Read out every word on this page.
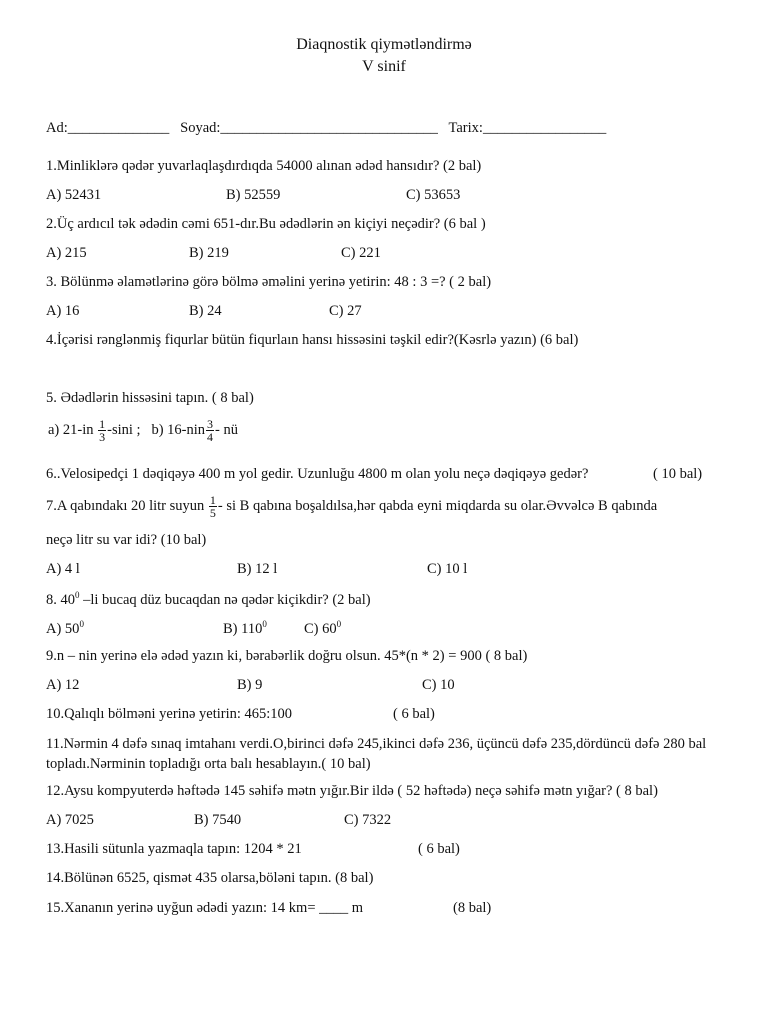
Diaqnostik qiymətləndirmə
V sinif
Ad:______________ Soyad:______________________________ Tarix:_________________
1.Minliklərə qədər yuvarlaqlaşdırdıqda 54000 alınan ədəd hansıdır? (2 bal)
A) 52431	B) 52559	C) 53653
2.Üç ardıcıl tək ədədin cəmi 651-dır.Bu ədədlərin ən kiçiyi neçədir? (6 bal )
A) 215	B) 219	C) 221
3. Bölünmə əlamətlərinə görə bölmə əməlini yerinə yetirin: 48 : 3 =? ( 2 bal)
A) 16	B) 24	C) 27
4.İçərisi rənglənmiş fiqurlar bütün fiqurlaın hansı hissəsini təşkil edir?(Kəsrlə yazın) (6 bal)
5. Ədədlərin hissəsini tapın. ( 8 bal)
a) $21-in \frac{1}{3} -\sin i$ ; b) $16-nin \frac{3}{4}$ - nü
6..Velosipedçi 1 dəqiqəyə 400 m yol gedir. Uzunluğu 4800 m olan yolu neçə dəqiqəyə gedər?	( 10 bal)
7.A qabındakı 20 litr suyun $\frac{1}{5}$ - si B qabına boşaldılsa,hər qabda eyni miqdarda su olar.Əvvəlcə B qabında
neçə litr su var idi? (10 bal)
A) 4 l	B) 12 l	C) 10 l
8. $40^0$ –li bucaq düz bucaqdan nə qədər kiçikdir? (2 bal)
A) $50^0$	B) $110^0$	C) $60^0$
9.n – nin yerinə elə ədəd yazın ki, bərabərlik doğru olsun. 45*(n * 2) = 900 ( 8 bal)
A) 12	B) 9	C) 10
10.Qalıqlı bölməni yerinə yetirin: 465:100	( 6 bal)
11.Nərmin 4 dəfə sınaq imtahanı verdi.O,birinci dəfə 245,ikinci dəfə 236, üçüncü dəfə 235,dördüncü dəfə 280 bal topladı.Nərminin topladığı orta balı hesablayın.( 10 bal)
12.Aysu kompyuterdə həftədə 145 səhifə mətn yığır.Bir ildə ( 52 həftədə) neçə səhifə mətn yığar? ( 8 bal)
A) 7025	B) 7540	C) 7322
13.Hasili sütunla yazmaqla tapın: 1204 * 21	( 6 bal)
14.Bölünən 6525, qismət 435 olarsa,böləni tapın. (8 bal)
15.Xananın yerinə uyğun ədədi yazın: 14 km= ____ m	(8 bal)
